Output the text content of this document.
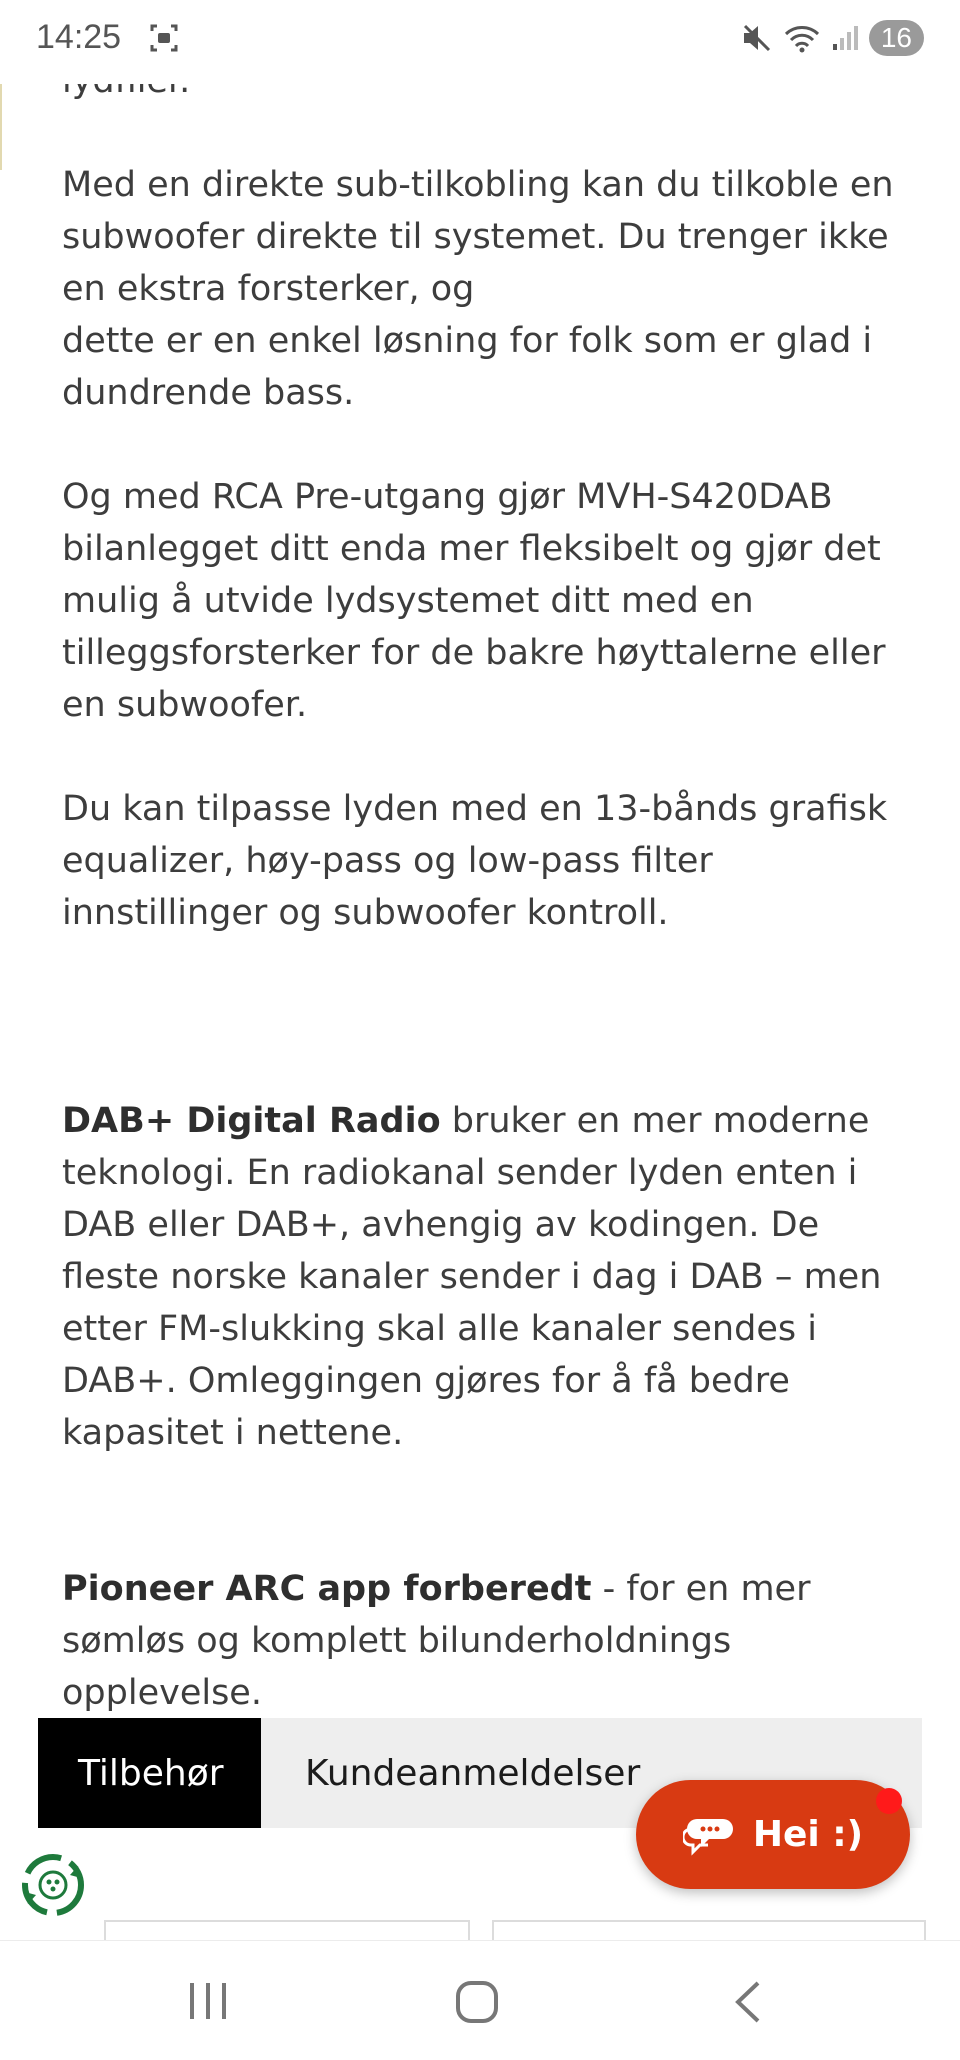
14:25	16

Med en direkte sub-tilkobling kan du tilkoble en subwoofer direkte til systemet. Du trenger ikke en ekstra forsterker, og

dette er en enkel løsning for folk som er glad i dundrende bass.

Og med RCA Pre-utgang gjør MVH-S420DAB bilanlegget ditt enda mer fleksibelt og gjør det mulig å utvide lydsystemet ditt med en tilleggsforsterker for de bakre høyttalerne eller en subwoofer.

Du kan tilpasse lyden med en 13-bånds grafisk equalizer, høy-pass og low-pass filter innstillinger og subwoofer kontroll.

DAB+ Digital Radio bruker en mer moderne teknologi. En radiokanal sender lyden enten i DAB eller DAB+, avhengig av kodingen. De fleste norske kanaler sender i dag i DAB – men etter FM-slukking skal alle kanaler sendes i DAB+. Omleggingen gjøres for å få bedre kapasitet i nettene.

Pioneer ARC app forberedt - for en mer sømløs og komplett bilunderholdnings opplevelse.

Tilbehør	Kundeanmeldelser
Hei :)
